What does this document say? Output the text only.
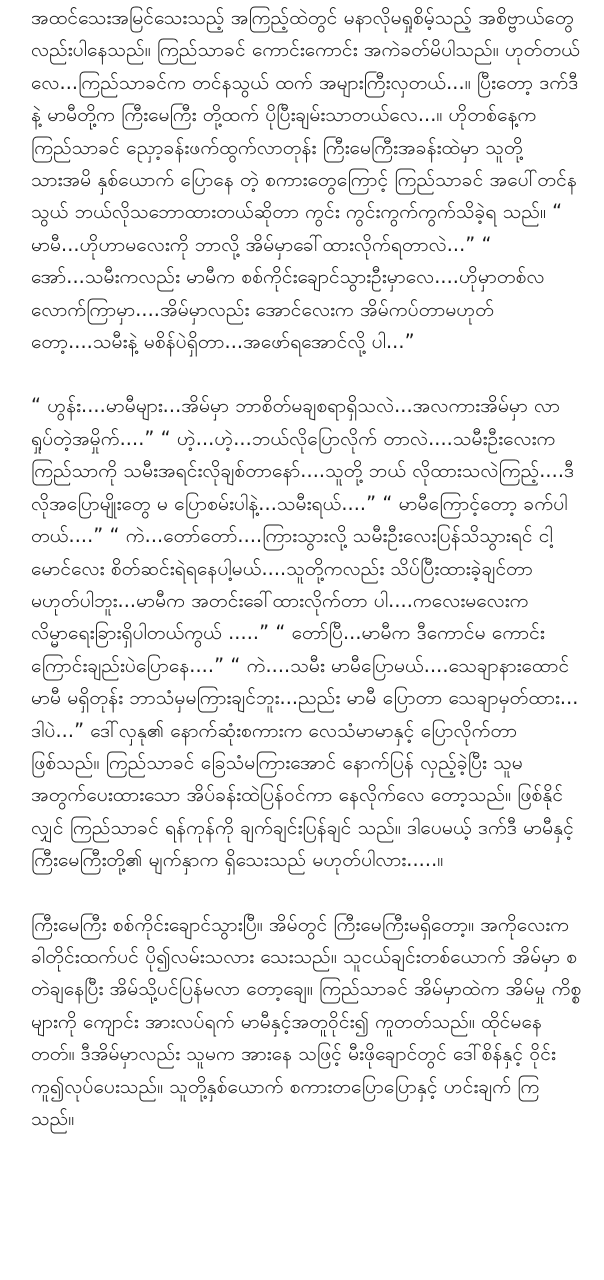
အထင်သေးအမြင်သေးသည့် အကြည့်ထဲတွင် မနာလိုမရှုစိမ့်သည့် အစိဗ္ဗာယ်တွေလည်းပါနေသည်။ ကြည်သာခင် ကောင်းကောင်း အကဲခတ်မိပါသည်။ ဟုတ်တယ်လေ...ကြည်သာခင်က တင်နသွယ် ထက် အများကြီးလှတယ်...။ ပြီးတော့ ဒက်ဒီနဲ့ မာမီတို့က ကြီးမေကြီး တို့ထက် ပိုပြီးချမ်းသာတယ်လေ...။ ဟိုတစ်နေ့က ကြည်သာခင် ညှော့ခန်းဖက်ထွက်လာတုန်း ကြီးမေကြီးအခန်းထဲမှာ သူတို့ သားအမိ နှစ်ယောက် ပြောနေ တဲ့ စကားတွေကြောင့် ကြည်သာခင် အပေါ်တင်နသွယ် ဘယ်လိုသဘောထားတယ်ဆိုတာ ကွင်း ကွင်းကွက်ကွက်သိခဲ့ရ သည်။ “ မာမီ...ဟိုဟာမလေးကို ဘာလို့ အိမ်မှာခေါ်ထားလိုက်ရတာလဲ...” “ အော်...သမီးကလည်း မာမီက စစ်ကိုင်းချောင်သွားဦးမှာလေ....ဟိုမှာတစ်လလောက်ကြာမှာ....အိမ်မှာလည်း အောင်လေးက အိမ်ကပ်တာမဟုတ် တော့....သမီးနဲ့ မစိန်ပဲရှိတာ...အဖော်ရအောင်လို့ ပါ...”

“ ဟွန်း....မာမီများ...အိမ်မှာ ဘာစိတ်မချစရာရှိသလဲ...အလကားအိမ်မှာ လာရှုပ်တဲ့အမှိုက်....” “ ဟဲ့...ဟဲ့...ဘယ်လိုပြောလိုက် တာလဲ....သမီးဦးလေးက ကြည်သာကို သမီးအရင်းလိုချစ်တာနော်....သူတို့ ဘယ် လိုထားသလဲကြည့်....ဒီလိုအပြောမျိုးတွေ မ ပြောစမ်းပါနဲ့...သမီးရယ်....” “ မာမီကြောင့်တော့ ခက်ပါတယ်....” “ ကဲ...တော်တော်....ကြားသွားလို့ သမီးဦးလေးပြန်သိသွားရင် ငါ့မောင်လေး စိတ်ဆင်းရဲရနေပါ့မယ်....သူတို့ကလည်း သိပ်ပြီးထားခဲ့ချင်တာ မဟုတ်ပါဘူး...မာမီက အတင်းခေါ်ထားလိုက်တာ ပါ....ကလေးမလေးက လိမ္မာရေးခြားရှိပါတယ်ကွယ် .....” “ တော်ပြီ...မာမီက ဒီကောင်မ ကောင်းကြောင်းချည်းပဲပြောနေ....” “ ကဲ....သမီး မာမီပြောမယ်....သေချာနားထောင် မာမီ မရှိတုန်း ဘာသံမှမကြားချင်ဘူး...ညည်း မာမီ ပြောတာ သေချာမှတ်ထား... ဒါပဲ...” ဒေါ်လှနု၏ နောက်ဆုံးစကားက လေသံမာမာနှင့် ပြောလိုက်တာဖြစ်သည်။ ကြည်သာခင် ခြေသံမကြားအောင် နောက်ပြန် လှည့်ခဲ့ပြီး သူမ အတွက်ပေးထားသော အိပ်ခန်းထဲပြန်ဝင်ကာ နေလိုက်လေ တော့သည်။ ဖြစ်နိုင်လျှင် ကြည်သာခင် ရန်ကုန်ကို ချက်ချင်းပြန်ချင် သည်။ ဒါပေမယ့် ဒက်ဒီ မာမီနှင့် ကြီးမေကြီးတို့၏ မျက်နှာက ရှိသေးသည် မဟုတ်ပါလား.....။

ကြီးမေကြီး စစ်ကိုင်းချောင်သွားပြီ။ အိမ်တွင် ကြီးမေကြီးမရှိတော့။ အကိုလေးက ခါတိုင်းထက်ပင် ပို၍လမ်းသလား သေးသည်။ သူငယ်ချင်းတစ်ယောက် အိမ်မှာ စတဲချနေပြီး အိမ်သို့ပင်ပြန်မလာ တော့ချေ။ ကြည်သာခင် အိမ်မှာထဲက အိမ်မှု ကိစ္စများကို ကျောင်း အားလပ်ရက် မာမီနှင့်အတူဝိုင်း၍ ကူတတ်သည်။ ထိုင်မနေတတ်။ ဒီအိမ်မှာလည်း သူမက အားနေ သဖြင့် မီးဖိုချောင်တွင် ဒေါ်စိန်နှင့် ဝိုင်းကူ၍လုပ်ပေးသည်။ သူတို့နှစ်ယောက် စကားတပြောပြောနှင့် ဟင်းချက် ကြသည်။
